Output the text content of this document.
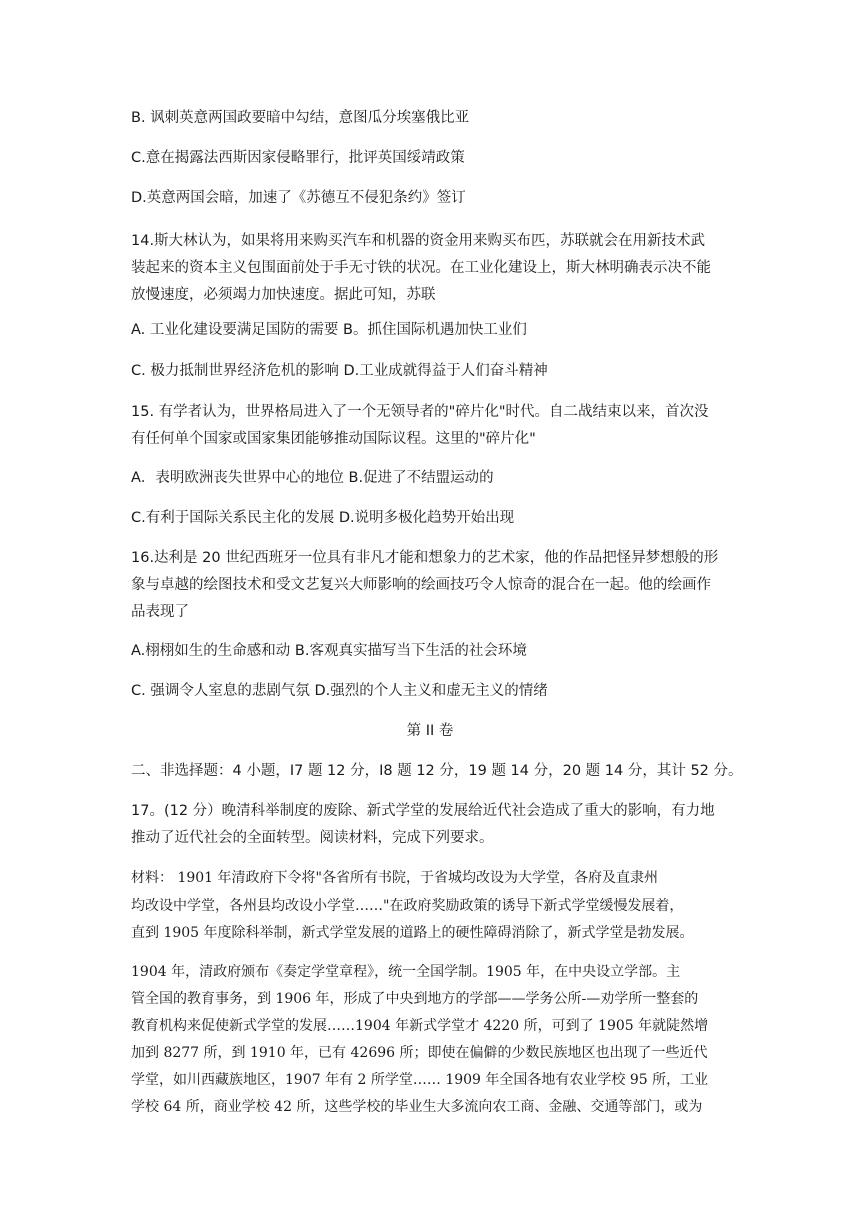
B. 讽刺英意两国政要暗中勾结，意图瓜分埃塞俄比亚
C.意在揭露法西斯因家侵略罪行，批评英国绥靖政策
D.英意两国会暗，加速了《苏德互不侵犯条约》签订
14.斯大林认为，如果将用来购买汽车和机器的资金用来购买布匹，苏联就会在用新技术武
装起来的资本主义包围面前处于手无寸铁的状况。在工业化建设上，斯大林明确表示决不能
放慢速度，必须竭力加快速度。据此可知，苏联
A. 工业化建设要满足国防的需要 B。抓住国际机遇加快工业们
C. 极力抵制世界经济危机的影响 D.工业成就得益于人们奋斗精神
15. 有学者认为，世界格局进入了一个无领导者的"碎片化"时代。自二战结束以来，首次没
有任何单个国家或国家集团能够推动国际议程。这里的"碎片化"
A．表明欧洲丧失世界中心的地位 B.促进了不结盟运动的
C.有利于国际关系民主化的发展 D.说明多极化趋势开始出现
16.达利是 20 世纪西班牙一位具有非凡才能和想象力的艺术家，他的作品把怪异梦想般的形
象与卓越的绘图技术和受文艺复兴大师影响的绘画技巧令人惊奇的混合在一起。他的绘画作
品表现了
A.栩栩如生的生命感和动 B.客观真实描写当下生活的社会环境
C. 强调令人室息的悲剧气氛 D.强烈的个人主义和虚无主义的情绪
第 II 卷
二、非选择题：4 小题，I7 题 12 分，I8 题 12 分，19 题 14 分，20 题 14 分，其计 52 分。
17。(12 分）晚清科举制度的废除、新式学堂的发展给近代社会造成了重大的影响，有力地
推动了近代社会的全面转型。阅读材料，完成下列要求。
材料： 1901 年清政府下令将"各省所有书院，于省城均改设为大学堂，各府及直隶州
均改设中学堂，各州县均改设小学堂……"在政府奖励政策的诱导下新式学堂缓慢发展着，
直到 1905 年度除科举制，新式学堂发展的道路上的硬性障碍消除了，新式学堂是勃发展。
1904 年，清政府颁布《奏定学堂章程》，统一全国学制。1905 年，在中央设立学部。主
管全国的教育事务，到 1906 年，形成了中央到地方的学部——学务公所-—劝学所一整套的
教育机构来促使新式学堂的发展……1904 年新式学堂才 4220 所，可到了 1905 年就陡然增
加到 8277 所，到 1910 年，已有 42696 所；即使在偏僻的少数民族地区也出现了一些近代
学堂，如川西藏族地区，1907 年有 2 所学堂…… 1909 年全国各地有农业学校 95 所，工业
学校 64 所，商业学校 42 所，这些学校的毕业生大多流向农工商、金融、交通等部门，或为
